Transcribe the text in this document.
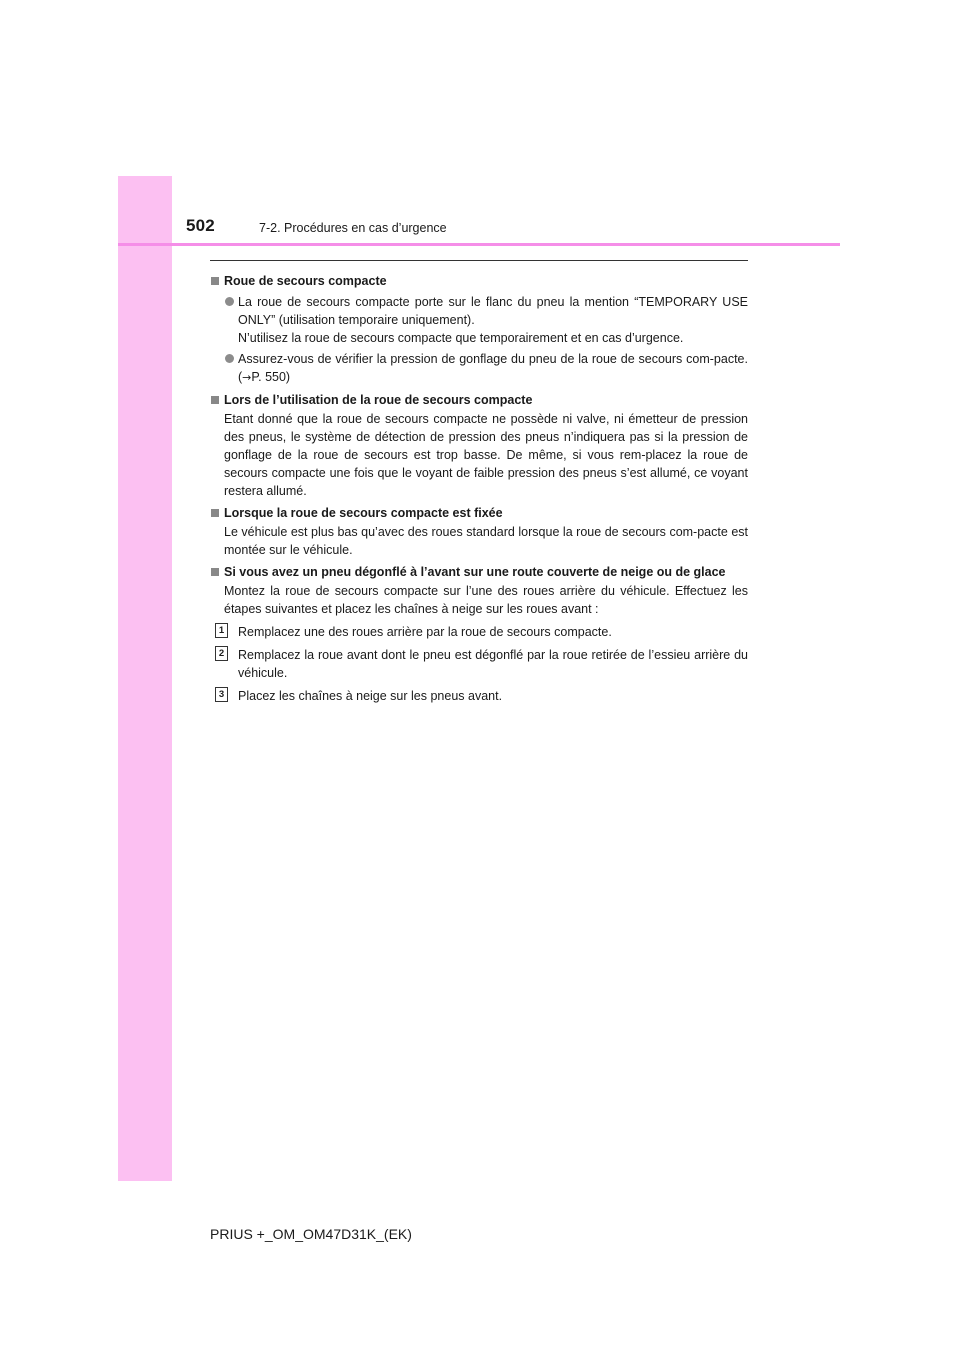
502	7-2. Procédures en cas d’urgence
Roue de secours compacte
La roue de secours compacte porte sur le flanc du pneu la mention “TEMPORARY USE ONLY” (utilisation temporaire uniquement).
N’utilisez la roue de secours compacte que temporairement et en cas d’urgence.
Assurez-vous de vérifier la pression de gonflage du pneu de la roue de secours com-pacte. (→P. 550)
Lors de l’utilisation de la roue de secours compacte
Etant donné que la roue de secours compacte ne possède ni valve, ni émetteur de pression des pneus, le système de détection de pression des pneus n’indiquera pas si la pression de gonflage de la roue de secours est trop basse. De même, si vous rem-placez la roue de secours compacte une fois que le voyant de faible pression des pneus s’est allumé, ce voyant restera allumé.
Lorsque la roue de secours compacte est fixée
Le véhicule est plus bas qu’avec des roues standard lorsque la roue de secours com-pacte est montée sur le véhicule.
Si vous avez un pneu dégonflé à l’avant sur une route couverte de neige ou de glace
Montez la roue de secours compacte sur l’une des roues arrière du véhicule. Effectuez les étapes suivantes et placez les chaînes à neige sur les roues avant :
1	Remplacez une des roues arrière par la roue de secours compacte.
2	Remplacez la roue avant dont le pneu est dégonflé par la roue retirée de l’essieu arrière du véhicule.
3	Placez les chaînes à neige sur les pneus avant.
PRIUS +_OM_OM47D31K_(EK)
